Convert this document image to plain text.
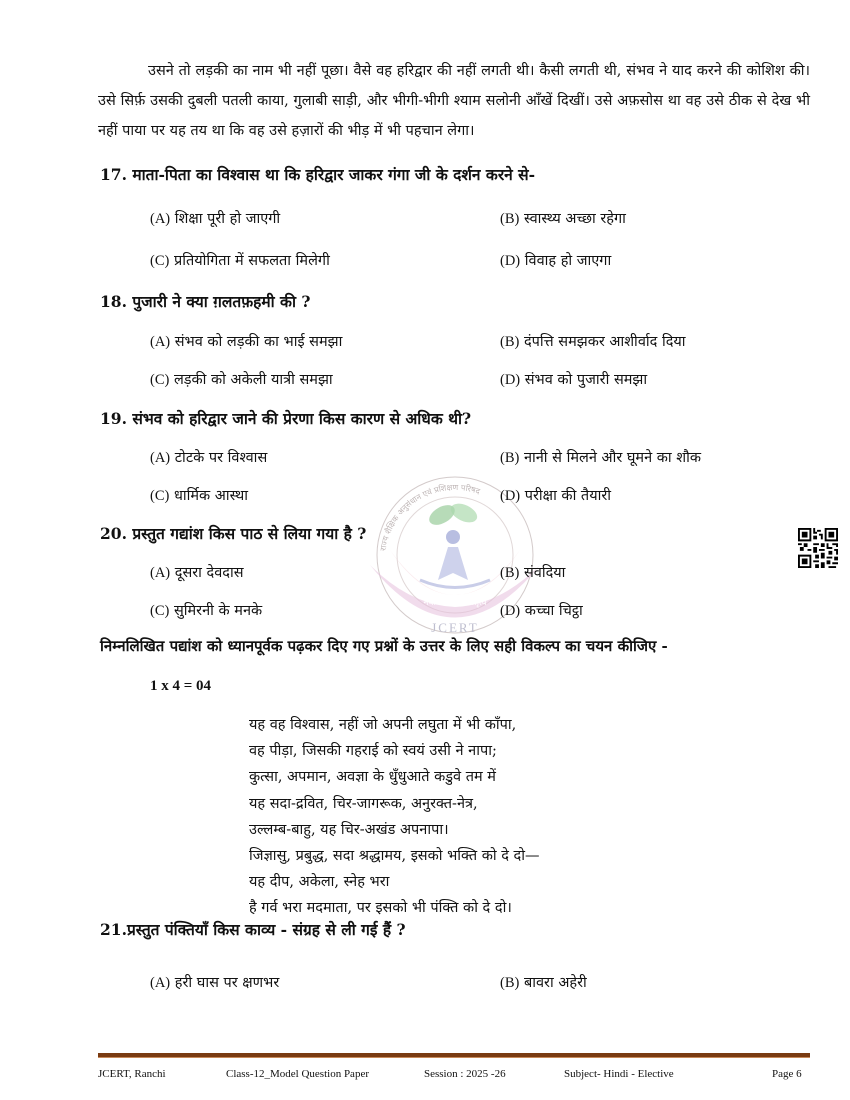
राज्य शैक्षिक अनुसंधान एवं प्रशिक्षण परिषद
नवोन्मेष शोध नेतृत्व
JCERT

उसने तो लड़की का नाम भी नहीं पूछा। वैसे वह हरिद्वार की नहीं लगती थी। कैसी लगती थी, संभव ने याद करने की कोशिश की। उसे सिर्फ़ उसकी दुबली पतली काया, गुलाबी साड़ी, और भीगी-भीगी श्याम सलोनी आँखें दिखीं। उसे अफ़सोस था वह उसे ठीक से देख भी नहीं पाया पर यह तय था कि वह उसे हज़ारों की भीड़ में भी पहचान लेगा।

17. माता-पिता का विश्वास था कि हरिद्वार जाकर गंगा जी के दर्शन करने से-

(A) शिक्षा पूरी हो जाएगी	(B) स्वास्थ्य अच्छा रहेगा
(C) प्रतियोगिता में सफलता मिलेगी	(D) विवाह हो जाएगा

18. पुजारी ने क्या ग़लतफ़हमी की ?

(A) संभव को लड़की का भाई समझा	(B) दंपत्ति समझकर आशीर्वाद दिया
(C) लड़की को अकेली यात्री समझा	(D) संभव को पुजारी समझा

19. संभव को हरिद्वार जाने की प्रेरणा किस कारण से अधिक थी?

(A) टोटके पर विश्वास	(B) नानी से मिलने और घूमने का शौक
(C) धार्मिक आस्था	(D) परीक्षा की तैयारी

20. प्रस्तुत गद्यांश किस पाठ से लिया गया है ?

(A) दूसरा देवदास	(B) संवदिया
(C) सुमिरनी के मनके	(D) कच्चा चिट्ठा

निम्नलिखित पद्यांश को ध्यानपूर्वक पढ़कर दिए गए प्रश्नों के उत्तर के लिए सही विकल्प का चयन कीजिए -

1 x 4 = 04
यह वह विश्वास, नहीं जो अपनी लघुता में भी काँपा,
वह पीड़ा, जिसकी गहराई को स्वयं उसी ने नापा;
कुत्सा, अपमान, अवज्ञा के धुँधुआते कडुवे तम में
यह सदा-द्रवित, चिर-जागरूक, अनुरक्त-नेत्र,
उल्लम्ब-बाहु, यह चिर-अखंड अपनापा।
जिज्ञासु, प्रबुद्ध, सदा श्रद्धामय, इसको भक्ति को दे दो—
यह दीप, अकेला, स्नेह भरा
है गर्व भरा मदमाता, पर इसको भी पंक्ति को दे दो।

21.प्रस्तुत पंक्तियाँ किस काव्य - संग्रह से ली गई हैं ?

(A) हरी घास पर क्षणभर	(B) बावरा अहेरी
JCERT, Ranchi	Class-12_Model Question Paper	Session : 2025 -26	Subject- Hindi - Elective	Page 6
